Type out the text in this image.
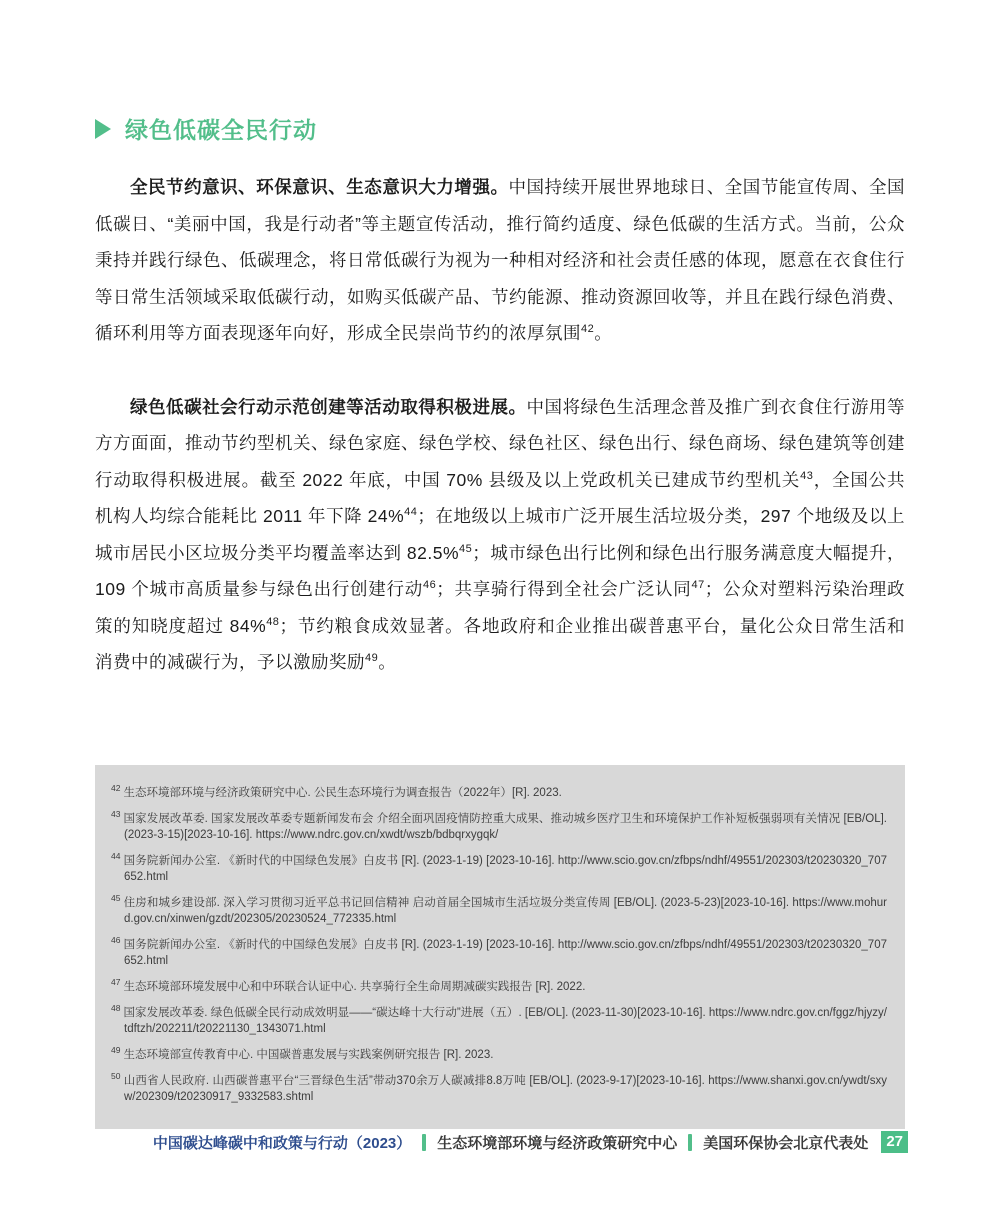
绿色低碳全民行动

全民节约意识、环保意识、生态意识大力增强。中国持续开展世界地球日、全国节能宣传周、全国低碳日、“美丽中国，我是行动者”等主题宣传活动，推行简约适度、绿色低碳的生活方式。当前，公众秉持并践行绿色、低碳理念，将日常低碳行为视为一种相对经济和社会责任感的体现，愿意在衣食住行等日常生活领域采取低碳行动，如购买低碳产品、节约能源、推动资源回收等，并且在践行绿色消费、循环利用等方面表现逐年向好，形成全民崇尚节约的浓厚氛围$^{42}$。

绿色低碳社会行动示范创建等活动取得积极进展。中国将绿色生活理念普及推广到衣食住行游用等方方面面，推动节约型机关、绿色家庭、绿色学校、绿色社区、绿色出行、绿色商场、绿色建筑等创建行动取得积极进展。截至 2022 年底，中国 70% 县级及以上党政机关已建成节约型机关$^{43}$，全国公共机构人均综合能耗比 2011 年下降 24%$^{44}$；在地级以上城市广泛开展生活垃圾分类，297 个地级及以上城市居民小区垃圾分类平均覆盖率达到 82.5%$^{45}$；城市绿色出行比例和绿色出行服务满意度大幅提升，109 个城市高质量参与绿色出行创建行动$^{46}$；共享骑行得到全社会广泛认同$^{47}$；公众对塑料污染治理政策的知晓度超过 84%$^{48}$；节约粮食成效显著。各地政府和企业推出碳普惠平台，量化公众日常生活和消费中的减碳行为，予以激励奖励$^{49}$。

$^{42}$ 生态环境部环境与经济政策研究中心. 公民生态环境行为调查报告（2022年）[R]. 2023.
$^{43}$ 国家发展改革委. 国家发展改革委专题新闻发布会 介绍全面巩固疫情防控重大成果、推动城乡医疗卫生和环境保护工作补短板强弱项有关情况 [EB/OL]. (2023-3-15)[2023-10-16]. https://www.ndrc.gov.cn/xwdt/wszb/bdbqrxygqk/
$^{44}$ 国务院新闻办公室. 《新时代的中国绿色发展》白皮书 [R]. (2023-1-19) [2023-10-16]. http://www.scio.gov.cn/zfbps/ndhf/49551/202303/t20230320_707652.html
$^{45}$ 住房和城乡建设部. 深入学习贯彻习近平总书记回信精神 启动首届全国城市生活垃圾分类宣传周 [EB/OL]. (2023-5-23)[2023-10-16]. https://www.mohurd.gov.cn/xinwen/gzdt/202305/20230524_772335.html
$^{46}$ 国务院新闻办公室. 《新时代的中国绿色发展》白皮书 [R]. (2023-1-19) [2023-10-16]. http://www.scio.gov.cn/zfbps/ndhf/49551/202303/t20230320_707652.html
$^{47}$ 生态环境部环境发展中心和中环联合认证中心. 共享骑行全生命周期减碳实践报告 [R]. 2022.
$^{48}$ 国家发展改革委. 绿色低碳全民行动成效明显——“碳达峰十大行动”进展（五）. [EB/OL]. (2023-11-30)[2023-10-16]. https://www.ndrc.gov.cn/fggz/hjyzy/tdftzh/202211/t20221130_1343071.html
$^{49}$ 生态环境部宣传教育中心. 中国碳普惠发展与实践案例研究报告 [R]. 2023.
$^{50}$ 山西省人民政府. 山西碳普惠平台“三晋绿色生活”带动370余万人碳减排8.8万吨 [EB/OL]. (2023-9-17)[2023-10-16]. https://www.shanxi.gov.cn/ywdt/sxyw/202309/t20230917_9332583.shtml
中国碳达峰碳中和政策与行动（2023） 生态环境部环境与经济政策研究中心 美国环保协会北京代表处	27
